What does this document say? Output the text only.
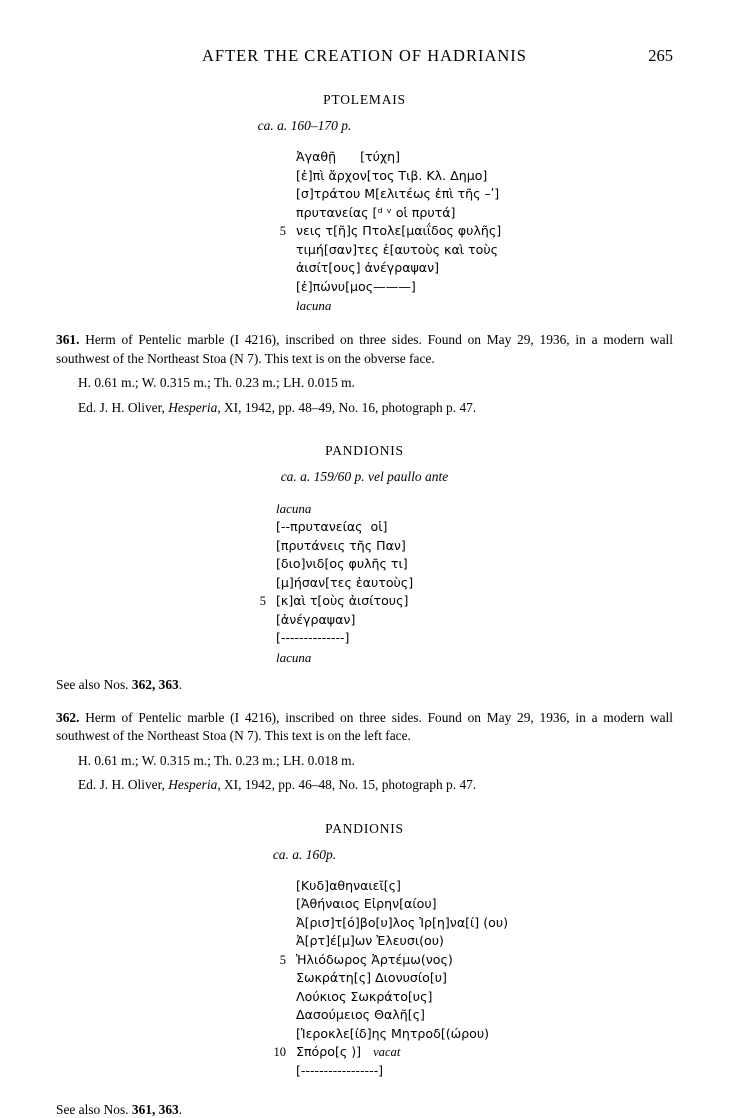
AFTER THE CREATION OF HADRIANIS	265
PTOLEMAIS
ca. a. 160–170 p.
Ἀγαθῇ      [τύχη]
[ἐ]πὶ ἄρχον[τος Τιβ. Κλ. Δημο]
[σ]τράτου Μ[ελιτέως ἐπὶ τῆς –ʹ]
πρυτανείας [ᵈ ᵛ οἱ πρυτά]
5 νεις τ[ῆ]ς Πτολε[μαιΐδος φυλῆς]
τιμή[σαν]τες ἑ[αυτοὺς καὶ τοὺς
ἀισίτ[ους] ἀνέγραψαν]
[ἐ]πώνυ[μος———]
lacuna

361. Herm of Pentelic marble (I 4216), inscribed on three sides. Found on May 29, 1936, in a modern wall southwest of the Northeast Stoa (N 7). This text is on the obverse face.

H. 0.61 m.; W. 0.315 m.; Th. 0.23 m.; LH. 0.015 m.

Ed. J. H. Oliver, Hesperia, XI, 1942, pp. 48–49, No. 16, photograph p. 47.

PANDIONIS
ca. a. 159/60 p. vel paullo ante
lacuna
[--πρυτανείας  οἱ]
[πρυτάνεις τῆς Παν]
[διο]νιδ[ος φυλῆς τι]
[μ]ήσαν[τες ἑαυτοὺς]
5 [κ]αὶ τ[οὺς ἀισίτους]
[ἀνέγραψαν]
[--------------]
lacuna

See also Nos. 362, 363.

362. Herm of Pentelic marble (I 4216), inscribed on three sides. Found on May 29, 1936, in a modern wall southwest of the Northeast Stoa (N 7). This text is on the left face.

H. 0.61 m.; W. 0.315 m.; Th. 0.23 m.; LH. 0.018 m.

Ed. J. H. Oliver, Hesperia, XI, 1942, pp. 46–48, No. 15, photograph p. 47.

PANDIONIS
ca. a. 160p.
[Κυδ]αθηναιεῖ[ς]
[Ἀθήναιος Εἰρην[αίου]
Ἀ[ρισ]τ[ό]βο[υ]λος Ἰρ[η]να[ί] (ου)
Ἀ[ρτ]έ[μ]ων Ἐλευσι(ου)
5 Ἡλιόδωρος Ἀρτέμω(νος)
Σωκράτη[ς] Διονυσίο[υ]
Λούκιος Σωκράτο[υς]
Δασούμειος Θαλῆ[ς]
[Ἱεροκλε[ίδ]ης Μητροδ[(ώρου)
10 Σπόρο[ς )] vacat
[-----------------]

See also Nos. 361, 363.
